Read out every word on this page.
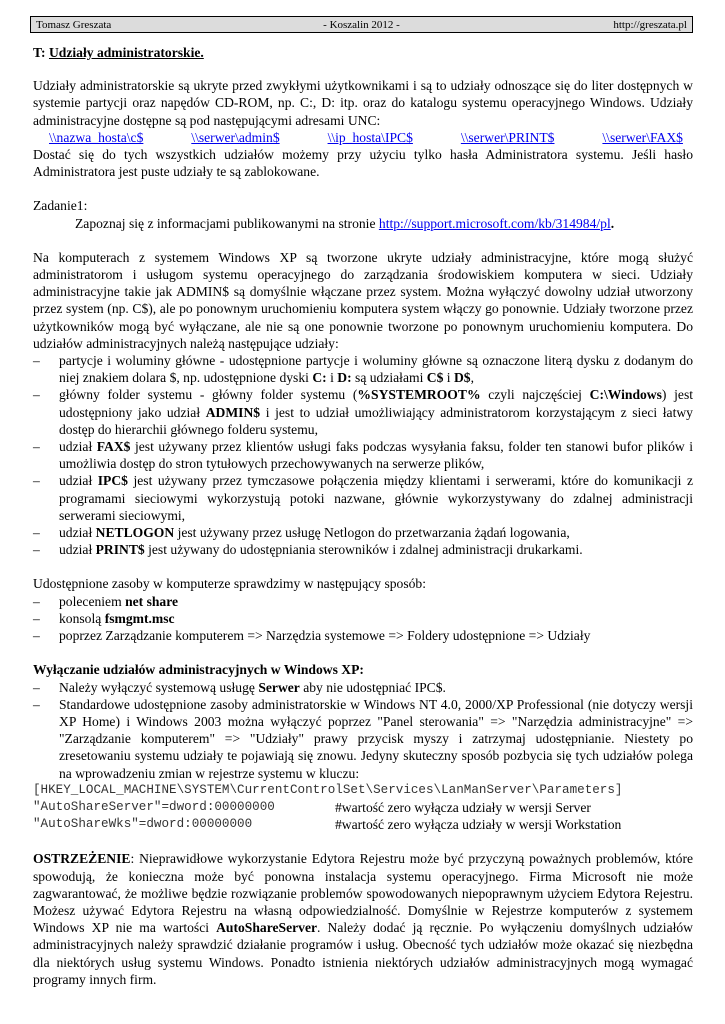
Tomasz Greszata	- Koszalin 2012 -	http://greszata.pl

T: Udziały administratorskie.

Udziały administratorskie są ukryte przed zwykłymi użytkownikami i są to udziały odnoszące się do liter dostępnych w systemie partycji oraz napędów CD-ROM, np. C:, D: itp. oraz do katalogu systemu operacyjnego Windows. Udziały administracyjne dostępne są pod następującymi adresami UNC:

\\nazwa_hosta\c$	\\serwer\admin$	\\ip_hosta\IPC$	\\serwer\PRINT$	\\serwer\FAX$

Dostać się do tych wszystkich udziałów możemy przy użyciu tylko hasła Administratora systemu. Jeśli hasło Administratora jest puste udziały te są zablokowane.

Zadanie1:

Zapoznaj się z informacjami publikowanymi na stronie http://support.microsoft.com/kb/314984/pl.

Na komputerach z systemem Windows XP są tworzone ukryte udziały administracyjne, które mogą służyć administratorom i usługom systemu operacyjnego do zarządzania środowiskiem komputera w sieci. Udziały administracyjne takie jak ADMIN$ są domyślnie włączane przez system. Można wyłączyć dowolny udział utworzony przez system (np. C$), ale po ponownym uruchomieniu komputera system włączy go ponownie. Udziały tworzone przez użytkowników mogą być wyłączane, ale nie są one ponownie tworzone po ponownym uruchomieniu komputera. Do udziałów administracyjnych należą następujące udziały:

– partycje i woluminy główne - udostępnione partycje i woluminy główne są oznaczone literą dysku z dodanym do niej znakiem dolara $, np. udostępnione dyski C: i D: są udziałami C$ i D$,
– główny folder systemu - główny folder systemu (%SYSTEMROOT% czyli najczęściej C:\Windows) jest udostępniony jako udział ADMIN$ i jest to udział umożliwiający administratorom korzystającym z sieci łatwy dostęp do hierarchii głównego folderu systemu,
– udział FAX$ jest używany przez klientów usługi faks podczas wysyłania faksu, folder ten stanowi bufor plików i umożliwia dostęp do stron tytułowych przechowywanych na serwerze plików,
– udział IPC$ jest używany przez tymczasowe połączenia między klientami i serwerami, które do komunikacji z programami sieciowymi wykorzystują potoki nazwane, głównie wykorzystywany do zdalnej administracji serwerami sieciowymi,
– udział NETLOGON jest używany przez usługę Netlogon do przetwarzania żądań logowania,
– udział PRINT$ jest używany do udostępniania sterowników i zdalnej administracji drukarkami.

Udostępnione zasoby w komputerze sprawdzimy w następujący sposób:

– poleceniem net share
– konsolą fsmgmt.msc
– poprzez Zarządzanie komputerem => Narzędzia systemowe => Foldery udostępnione => Udziały

Wyłączanie udziałów administracyjnych w Windows XP:

– Należy wyłączyć systemową usługę Serwer aby nie udostępniać IPC$.
– Standardowe udostępnione zasoby administratorskie w Windows NT 4.0, 2000/XP Professional (nie dotyczy wersji XP Home) i Windows 2003 można wyłączyć poprzez "Panel sterowania" => "Narzędzia administracyjne" => "Zarządzanie komputerem" => "Udziały" prawy przycisk myszy i zatrzymaj udostępnianie. Niestety po zresetowaniu systemu udziały te pojawiają się znowu. Jedyny skuteczny sposób pozbycia się tych udziałów polega na wprowadzeniu zmian w rejestrze systemu w kluczu:
[HKEY_LOCAL_MACHINE\SYSTEM\CurrentControlSet\Services\LanManServer\Parameters]
"AutoShareServer"=dword:00000000	#wartość zero wyłącza udziały w wersji Server
"AutoShareWks"=dword:00000000	#wartość zero wyłącza udziały w wersji Workstation

OSTRZEŻENIE: Nieprawidłowe wykorzystanie Edytora Rejestru może być przyczyną poważnych problemów, które spowodują, że konieczna może być ponowna instalacja systemu operacyjnego. Firma Microsoft nie może zagwarantować, że możliwe będzie rozwiązanie problemów spowodowanych niepoprawnym użyciem Edytora Rejestru. Możesz używać Edytora Rejestru na własną odpowiedzialność. Domyślnie w Rejestrze komputerów z systemem Windows XP nie ma wartości AutoShareServer. Należy dodać ją ręcznie. Po wyłączeniu domyślnych udziałów administracyjnych należy sprawdzić działanie programów i usług. Obecność tych udziałów może okazać się niezbędna dla niektórych usług systemu Windows. Ponadto istnienia niektórych udziałów administracyjnych mogą wymagać programy innych firm.
